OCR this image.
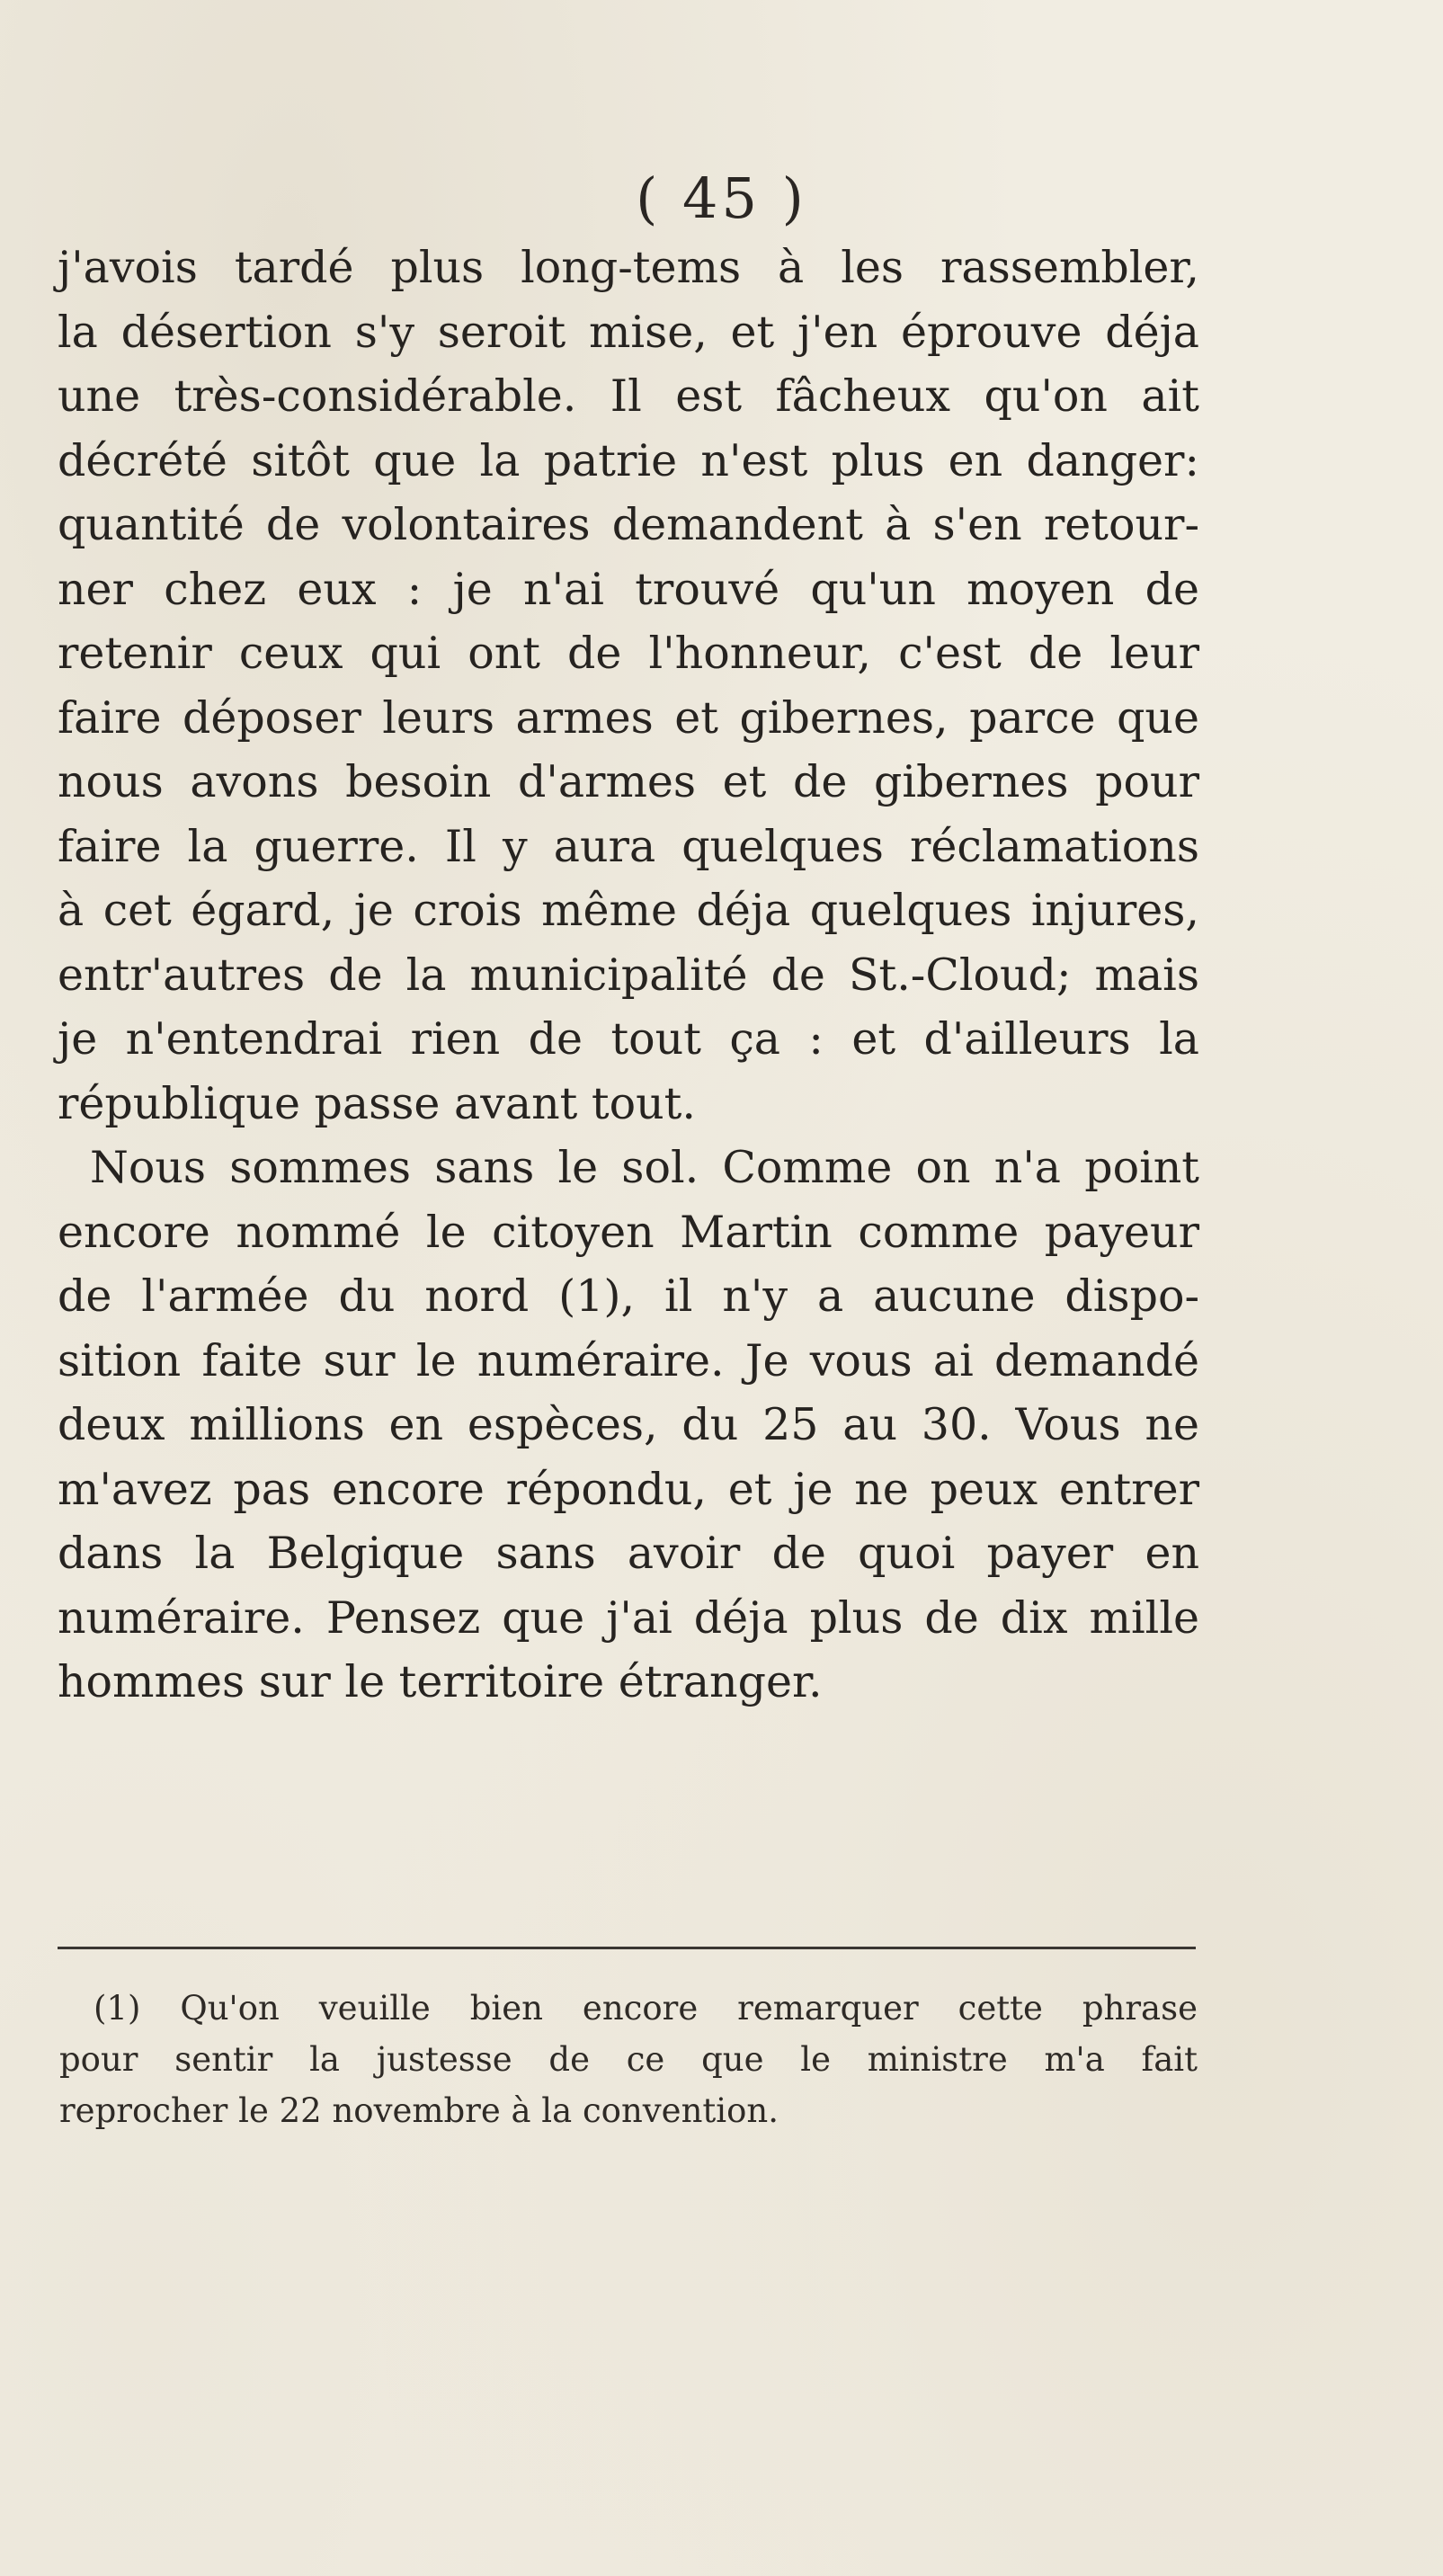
( 45 )
j'avois tardé plus long-tems à les rassembler,
la désertion s'y seroit mise, et j'en éprouve déja
une très-considérable. Il est fâcheux qu'on ait
décrété sitôt que la patrie n'est plus en danger:
quantité de volontaires demandent à s'en retour-
ner chez eux : je n'ai trouvé qu'un moyen de
retenir ceux qui ont de l'honneur, c'est de leur
faire déposer leurs armes et gibernes, parce que
nous avons besoin d'armes et de gibernes pour
faire la guerre. Il y aura quelques réclamations
à cet égard, je crois même déja quelques injures,
entr'autres de la municipalité de St.-Cloud; mais
je n'entendrai rien de tout ça : et d'ailleurs la
république passe avant tout.
Nous sommes sans le sol. Comme on n'a point
encore nommé le citoyen Martin comme payeur
de l'armée du nord (1), il n'y a aucune dispo-
sition faite sur le numéraire. Je vous ai demandé
deux millions en espèces, du 25 au 30. Vous ne
m'avez pas encore répondu, et je ne peux entrer
dans la Belgique sans avoir de quoi payer en
numéraire. Pensez que j'ai déja plus de dix mille
hommes sur le territoire étranger.
(1) Qu'on veuille bien encore remarquer cette phrase
pour sentir la justesse de ce que le ministre m'a fait
reprocher le 22 novembre à la convention.
